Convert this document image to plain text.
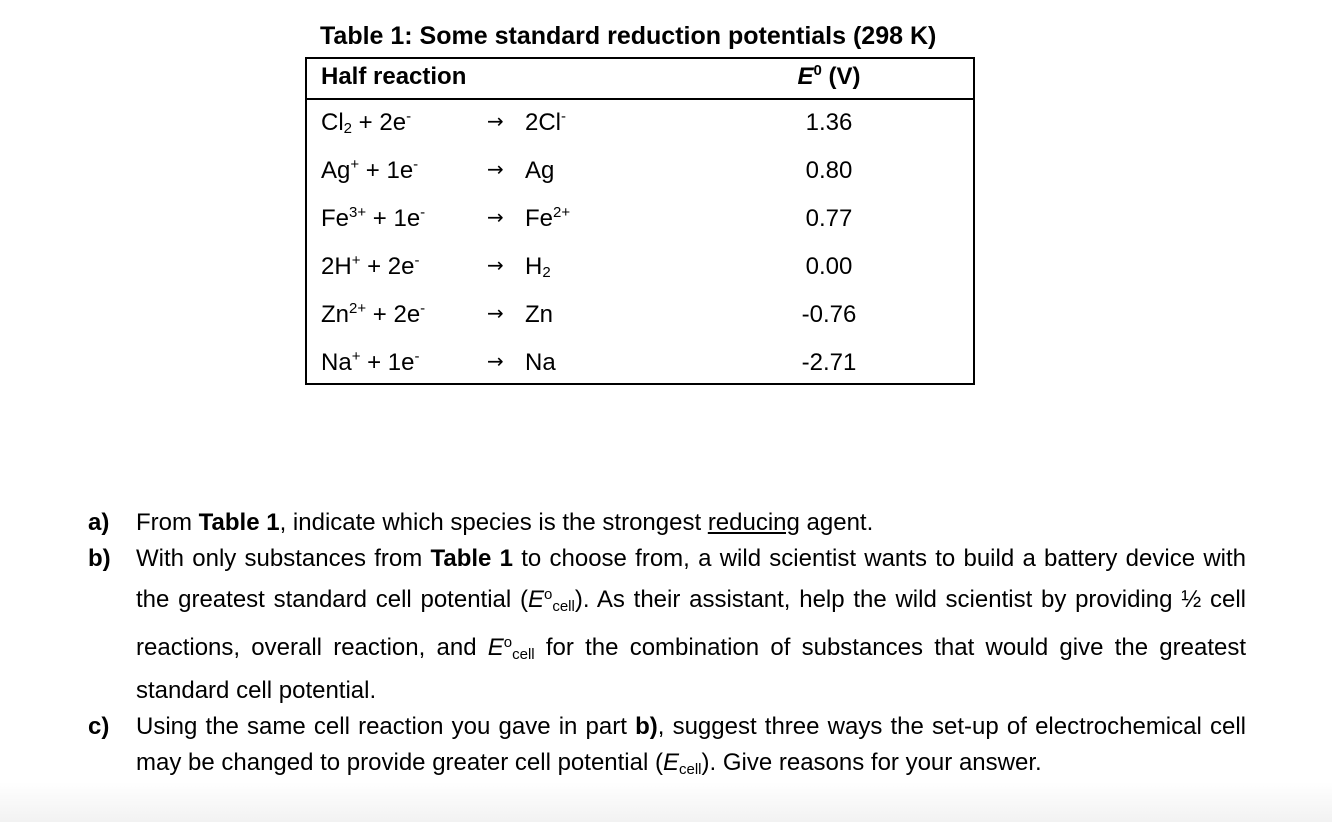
Table 1: Some standard reduction potentials (298 K)
Half reaction	$E^0$ (V)
$Cl_2 + 2e^-$	→ 2Cl-	1.36
Ag+ + 1e-	→ Ag	0.80
$Fe^{3+} + 1e^-$	→ $Fe^{2+}$	0.77
2H+ + 2e-	→ $H_2$	0.00
$Zn^{2+} + 2e^-$	→ Zn	-0.76
Na+ + 1e-	→ Na	-2.71
a) From Table 1, indicate which species is the strongest reducing agent.
b) With only substances from Table 1 to choose from, a wild scientist wants to build a battery device with the greatest standard cell potential $(E^ocell)$. As their assistant, help the wild scientist by providing ½ cell reactions, overall reaction, and $E^ocell$ for the combination of substances that would give the greatest standard cell potential.
c) Using the same cell reaction you gave in part b), suggest three ways the set-up of electrochemical cell may be changed to provide greater cell potential (Ecell). Give reasons for your answer.
